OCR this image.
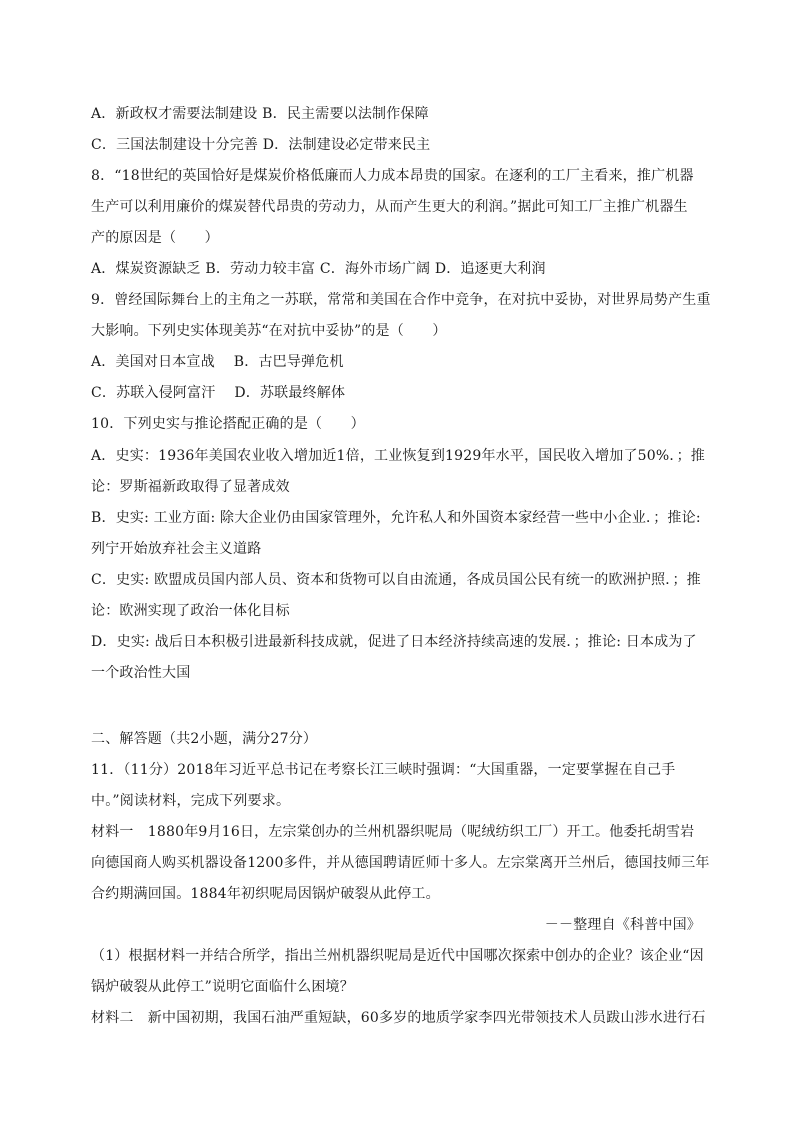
A．新政权才需要法制建设 B．民主需要以法制作保障
C．三国法制建设十分完善 D．法制建设必定带来民主
8．“18世纪的英国恰好是煤炭价格低廉而人力成本昂贵的国家。在逐利的工厂主看来，推广机器
生产可以利用廉价的煤炭替代昂贵的劳动力，从而产生更大的利润。”据此可知工厂主推广机器生
产的原因是（　　）
A．煤炭资源缺乏 B．劳动力较丰富 C．海外市场广阔 D．追逐更大利润
9．曾经国际舞台上的主角之一苏联，常常和美国在合作中竞争，在对抗中妥协，对世界局势产生重
大影响。下列史实体现美苏“在对抗中妥协”的是（　　）
A．美国对日本宣战　 B．古巴导弹危机
C．苏联入侵阿富汗　 D．苏联最终解体
10．下列史实与推论搭配正确的是（　　）
A．史实：1936年美国农业收入增加近1倍，工业恢复到1929年水平，国民收入增加了50%．；推
论：罗斯福新政取得了显著成效
B．史实: 工业方面: 除大企业仍由国家管理外，允许私人和外国资本家经营一些中小企业．；推论:
列宁开始放弃社会主义道路
C．史实: 欧盟成员国内部人员、资本和货物可以自由流通，各成员国公民有统一的欧洲护照．；推
论：欧洲实现了政治一体化目标
D．史实: 战后日本积极引进最新科技成就，促进了日本经济持续高速的发展．；推论: 日本成为了
一个政治性大国
二、解答题（共2小题，满分27分）
11．（11分）2018年习近平总书记在考察长江三峡时强调：“大国重器，一定要掌握在自己手
中。”阅读材料，完成下列要求。
材料一　1880年9月16日，左宗棠创办的兰州机器织呢局（呢绒纺织工厂）开工。他委托胡雪岩
向德国商人购买机器设备1200多件，并从德国聘请匠师十多人。左宗棠离开兰州后，德国技师三年
合约期满回国。1884年初织呢局因锅炉破裂从此停工。
－－整理自《科普中国》
（1）根据材料一并结合所学，指出兰州机器织呢局是近代中国哪次探索中创办的企业？该企业“因
锅炉破裂从此停工”说明它面临什么困境？
材料二　新中国初期，我国石油严重短缺，60多岁的地质学家李四光带领技术人员跋山涉水进行石
